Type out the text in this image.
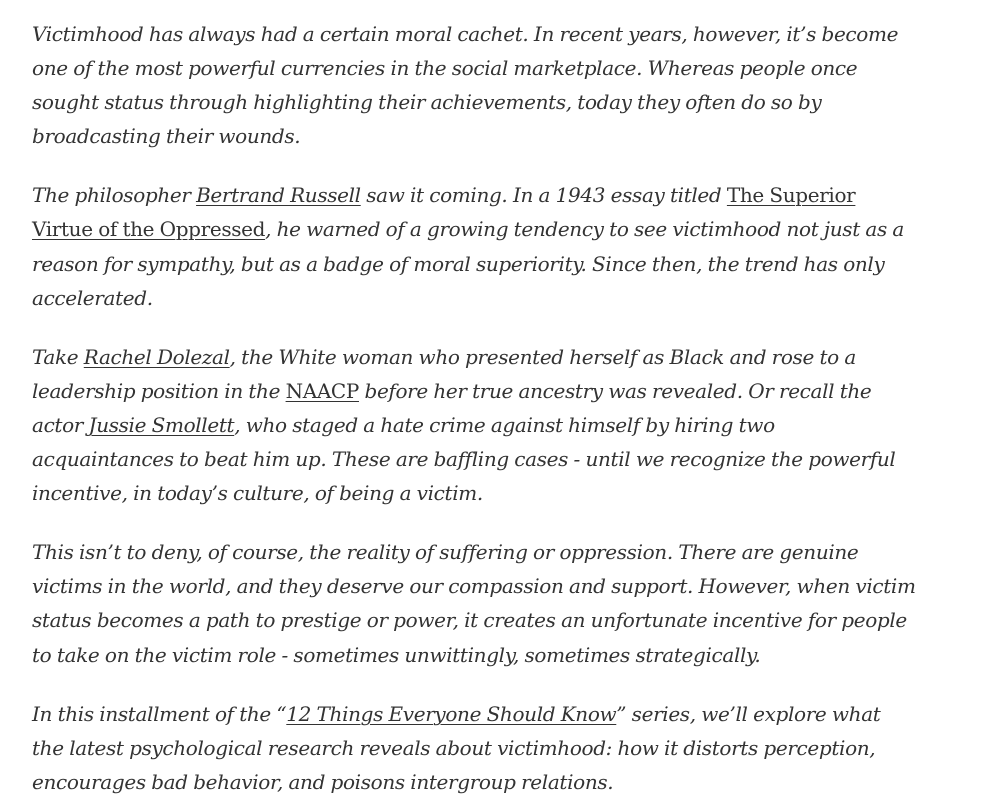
Victimhood has always had a certain moral cachet. In recent years, however, it’s become one of the most powerful currencies in the social marketplace. Whereas people once sought status through highlighting their achievements, today they often do so by broadcasting their wounds.

The philosopher Bertrand Russell saw it coming. In a 1943 essay titled The Superior Virtue of the Oppressed, he warned of a growing tendency to see victimhood not just as a reason for sympathy, but as a badge of moral superiority. Since then, the trend has only accelerated.

Take Rachel Dolezal, the White woman who presented herself as Black and rose to a leadership position in the NAACP before her true ancestry was revealed. Or recall the actor Jussie Smollett, who staged a hate crime against himself by hiring two acquaintances to beat him up. These are baffling cases - until we recognize the powerful incentive, in today’s culture, of being a victim.

This isn’t to deny, of course, the reality of suffering or oppression. There are genuine victims in the world, and they deserve our compassion and support. However, when victim status becomes a path to prestige or power, it creates an unfortunate incentive for people to take on the victim role - sometimes unwittingly, sometimes strategically.

In this installment of the “12 Things Everyone Should Know” series, we’ll explore what the latest psychological research reveals about victimhood: how it distorts perception, encourages bad behavior, and poisons intergroup relations.
